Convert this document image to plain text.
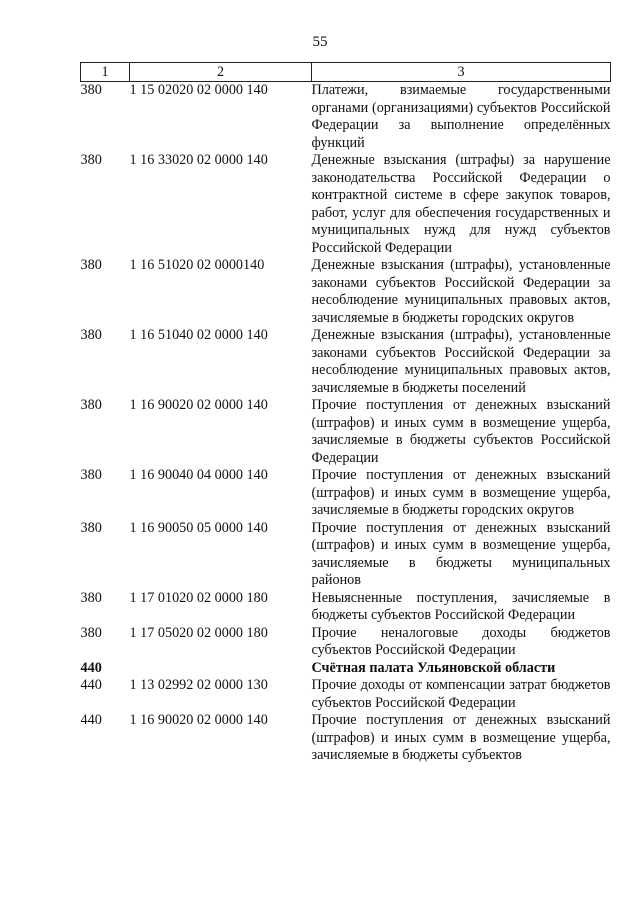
55
1	2	3
380	1 15 02020 02 0000 140	Платежи, взимаемые государственными органами (организациями) субъектов Российской Федерации за выполнение определённых функций
380	1 16 33020 02 0000 140	Денежные взыскания (штрафы) за нарушение законодательства Российской Федерации о контрактной системе в сфере закупок товаров, работ, услуг для обеспечения государственных и муниципальных нужд для нужд субъектов Российской Федерации
380	1 16 51020 02 0000140	Денежные взыскания (штрафы), установленные законами субъектов Российской Федерации за несоблюдение муниципальных правовых актов, зачисляемые в бюджеты городских округов
380	1 16 51040 02 0000 140	Денежные взыскания (штрафы), установленные законами субъектов Российской Федерации за несоблюдение муниципальных правовых актов, зачисляемые в бюджеты поселений
380	1 16 90020 02 0000 140	Прочие поступления от денежных взысканий (штрафов) и иных сумм в возмещение ущерба, зачисляемые в бюджеты субъектов Российской Федерации
380	1 16 90040 04 0000 140	Прочие поступления от денежных взысканий (штрафов) и иных сумм в возмещение ущерба, зачисляемые в бюджеты городских округов
380	1 16 90050 05 0000 140	Прочие поступления от денежных взысканий (штрафов) и иных сумм в возмещение ущерба, зачисляемые в бюджеты муниципальных районов
380	1 17 01020 02 0000 180	Невыясненные поступления, зачисляемые в бюджеты субъектов Российской Федерации
380	1 17 05020 02 0000 180	Прочие неналоговые доходы бюджетов субъектов Российской Федерации
440		Счётная палата Ульяновской области
440	1 13 02992 02 0000 130	Прочие доходы от компенсации затрат бюджетов субъектов Российской Федерации
440	1 16 90020 02 0000 140	Прочие поступления от денежных взысканий (штрафов) и иных сумм в возмещение ущерба, зачисляемые в бюджеты субъектов
